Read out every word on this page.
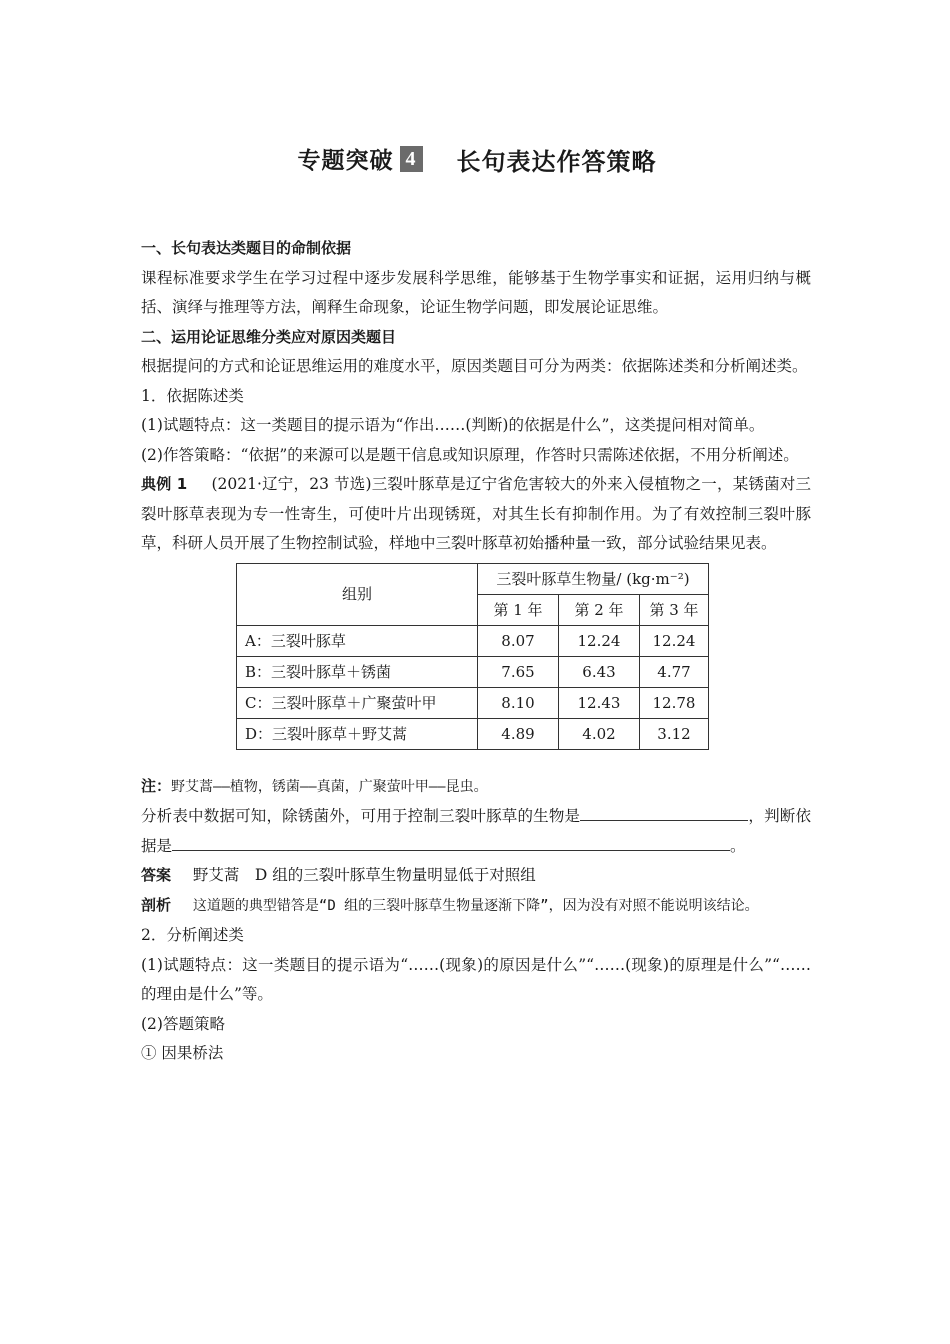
专题突破 4 长句表达作答策略

一、长句表达类题目的命制依据

课程标准要求学生在学习过程中逐步发展科学思维，能够基于生物学事实和证据，运用归纳与概括、演绎与推理等方法，阐释生命现象，论证生物学问题，即发展论证思维。

二、运用论证思维分类应对原因类题目

根据提问的方式和论证思维运用的难度水平，原因类题目可分为两类：依据陈述类和分析阐述类。

1．依据陈述类

(1)试题特点：这一类题目的提示语为“作出……(判断)的依据是什么”，这类提问相对简单。

(2)作答策略：“依据”的来源可以是题干信息或知识原理，作答时只需陈述依据，不用分析阐述。

典例 1 (2021·辽宁，23 节选)三裂叶豚草是辽宁省危害较大的外来入侵植物之一，某锈菌对三裂叶豚草表现为专一性寄生，可使叶片出现锈斑，对其生长有抑制作用。为了有效控制三裂叶豚草，科研人员开展了生物控制试验，样地中三裂叶豚草初始播种量一致，部分试验结果见表。

组别	三裂叶豚草生物量/ (kg·m⁻²)		
	第 1 年	第 2 年	第 3 年
A：三裂叶豚草	8.07	12.24	12.24
B：三裂叶豚草＋锈菌	7.65	6.43	4.77
C：三裂叶豚草＋广聚萤叶甲	8.10	12.43	12.78
D：三裂叶豚草＋野艾蒿	4.89	4.02	3.12

注：野艾蒿——植物，锈菌——真菌，广聚萤叶甲——昆虫。

分析表中数据可知，除锈菌外，可用于控制三裂叶豚草的生物是	，判断依据是	。

答案 野艾蒿　D 组的三裂叶豚草生物量明显低于对照组

剖析 这道题的典型错答是“D 组的三裂叶豚草生物量逐渐下降”，因为没有对照不能说明该结论。

2．分析阐述类

(1)试题特点：这一类题目的提示语为“……(现象)的原因是什么”“……(现象)的原理是什么”“……的理由是什么”等。

(2)答题策略

① 因果桥法
